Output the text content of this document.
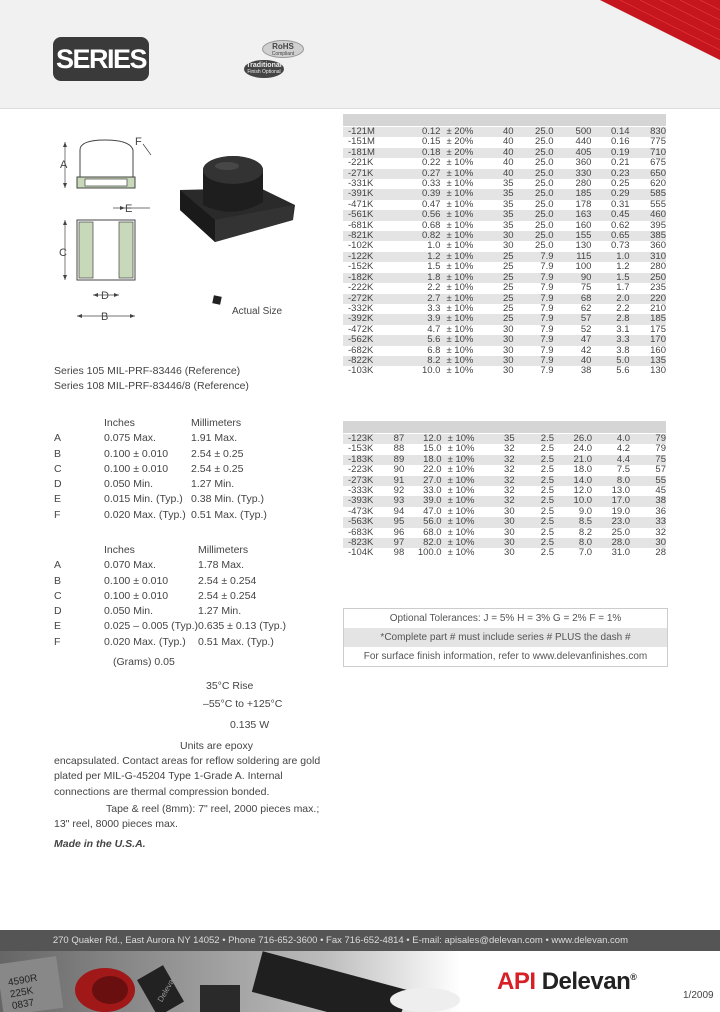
SERIES	RoHS
Compliant
Traditional
Finish Optional
A
F
E
C
D
B	Actual Size
Series 105 MIL-PRF-83446 (Reference)
Series 108 MIL-PRF-83446/8 (Reference)
	Inches	Millimeters
A	0.075 Max.	1.91 Max.
B	0.100 ± 0.010	2.54 ± 0.25
C	0.100 ± 0.010	2.54 ± 0.25
D	0.050 Min.	1.27 Min.
E	0.015 Min. (Typ.)	0.38 Min. (Typ.)
F	0.020 Max. (Typ.)	0.51 Max. (Typ.)
	Inches	Millimeters
A	0.070 Max.	1.78 Max.
B	0.100 ± 0.010	2.54 ± 0.254
C	0.100 ± 0.010	2.54 ± 0.254
D	0.050 Min.	1.27 Min.
E	0.025 – 0.005 (Typ.)	0.635 ± 0.13 (Typ.)
F	0.020 Max. (Typ.)	0.51 Max. (Typ.)
(Grams) 0.05
35°C Rise
–55°C to +125°C
0.135 W
Units are epoxy
encapsulated. Contact areas for reflow soldering are gold
plated per MIL-G-45204 Type 1-Grade A. Internal
connections are thermal compression bonded.
Tape & reel (8mm): 7" reel, 2000 pieces max.;
13" reel, 8000 pieces max.
Made in the U.S.A.
-121M		0.12	± 20%	40	25.0	500	0.14	830
-151M		0.15	± 20%	40	25.0	440	0.16	775
-181M		0.18	± 20%	40	25.0	405	0.19	710
-221K		0.22	± 10%	40	25.0	360	0.21	675
-271K		0.27	± 10%	40	25.0	330	0.23	650
-331K		0.33	± 10%	35	25.0	280	0.25	620
-391K		0.39	± 10%	35	25.0	185	0.29	585
-471K		0.47	± 10%	35	25.0	178	0.31	555
-561K		0.56	± 10%	35	25.0	163	0.45	460
-681K		0.68	± 10%	35	25.0	160	0.62	395
-821K		0.82	± 10%	30	25.0	155	0.65	385
-102K		1.0	± 10%	30	25.0	130	0.73	360
-122K		1.2	± 10%	25	7.9	115	1.0	310
-152K		1.5	± 10%	25	7.9	100	1.2	280
-182K		1.8	± 10%	25	7.9	90	1.5	250
-222K		2.2	± 10%	25	7.9	75	1.7	235
-272K		2.7	± 10%	25	7.9	68	2.0	220
-332K		3.3	± 10%	25	7.9	62	2.2	210
-392K		3.9	± 10%	25	7.9	57	2.8	185
-472K		4.7	± 10%	30	7.9	52	3.1	175
-562K		5.6	± 10%	30	7.9	47	3.3	170
-682K		6.8	± 10%	30	7.9	42	3.8	160
-822K		8.2	± 10%	30	7.9	40	5.0	135
-103K		10.0	± 10%	30	7.9	38	5.6	130
-123K	87	12.0	± 10%	35	2.5	26.0	4.0	79
-153K	88	15.0	± 10%	32	2.5	24.0	4.2	79
-183K	89	18.0	± 10%	32	2.5	21.0	4.4	75
-223K	90	22.0	± 10%	32	2.5	18.0	7.5	57
-273K	91	27.0	± 10%	32	2.5	14.0	8.0	55
-333K	92	33.0	± 10%	32	2.5	12.0	13.0	45
-393K	93	39.0	± 10%	32	2.5	10.0	17.0	38
-473K	94	47.0	± 10%	30	2.5	9.0	19.0	36
-563K	95	56.0	± 10%	30	2.5	8.5	23.0	33
-683K	96	68.0	± 10%	30	2.5	8.2	25.0	32
-823K	97	82.0	± 10%	30	2.5	8.0	28.0	30
-104K	98	100.0	± 10%	30	2.5	7.0	31.0	28
Optional Tolerances: J = 5% H = 3% G = 2% F = 1%
*Complete part # must include series # PLUS the dash #
For surface finish information, refer to www.delevanfinishes.com
4590R
225K
0837
Delevan
270 Quaker Rd., East Aurora NY 14052 • Phone 716-652-3600 • Fax 716-652-4814 • E-mail: apisales@delevan.com • www.delevan.com
API Delevan®
1/2009
